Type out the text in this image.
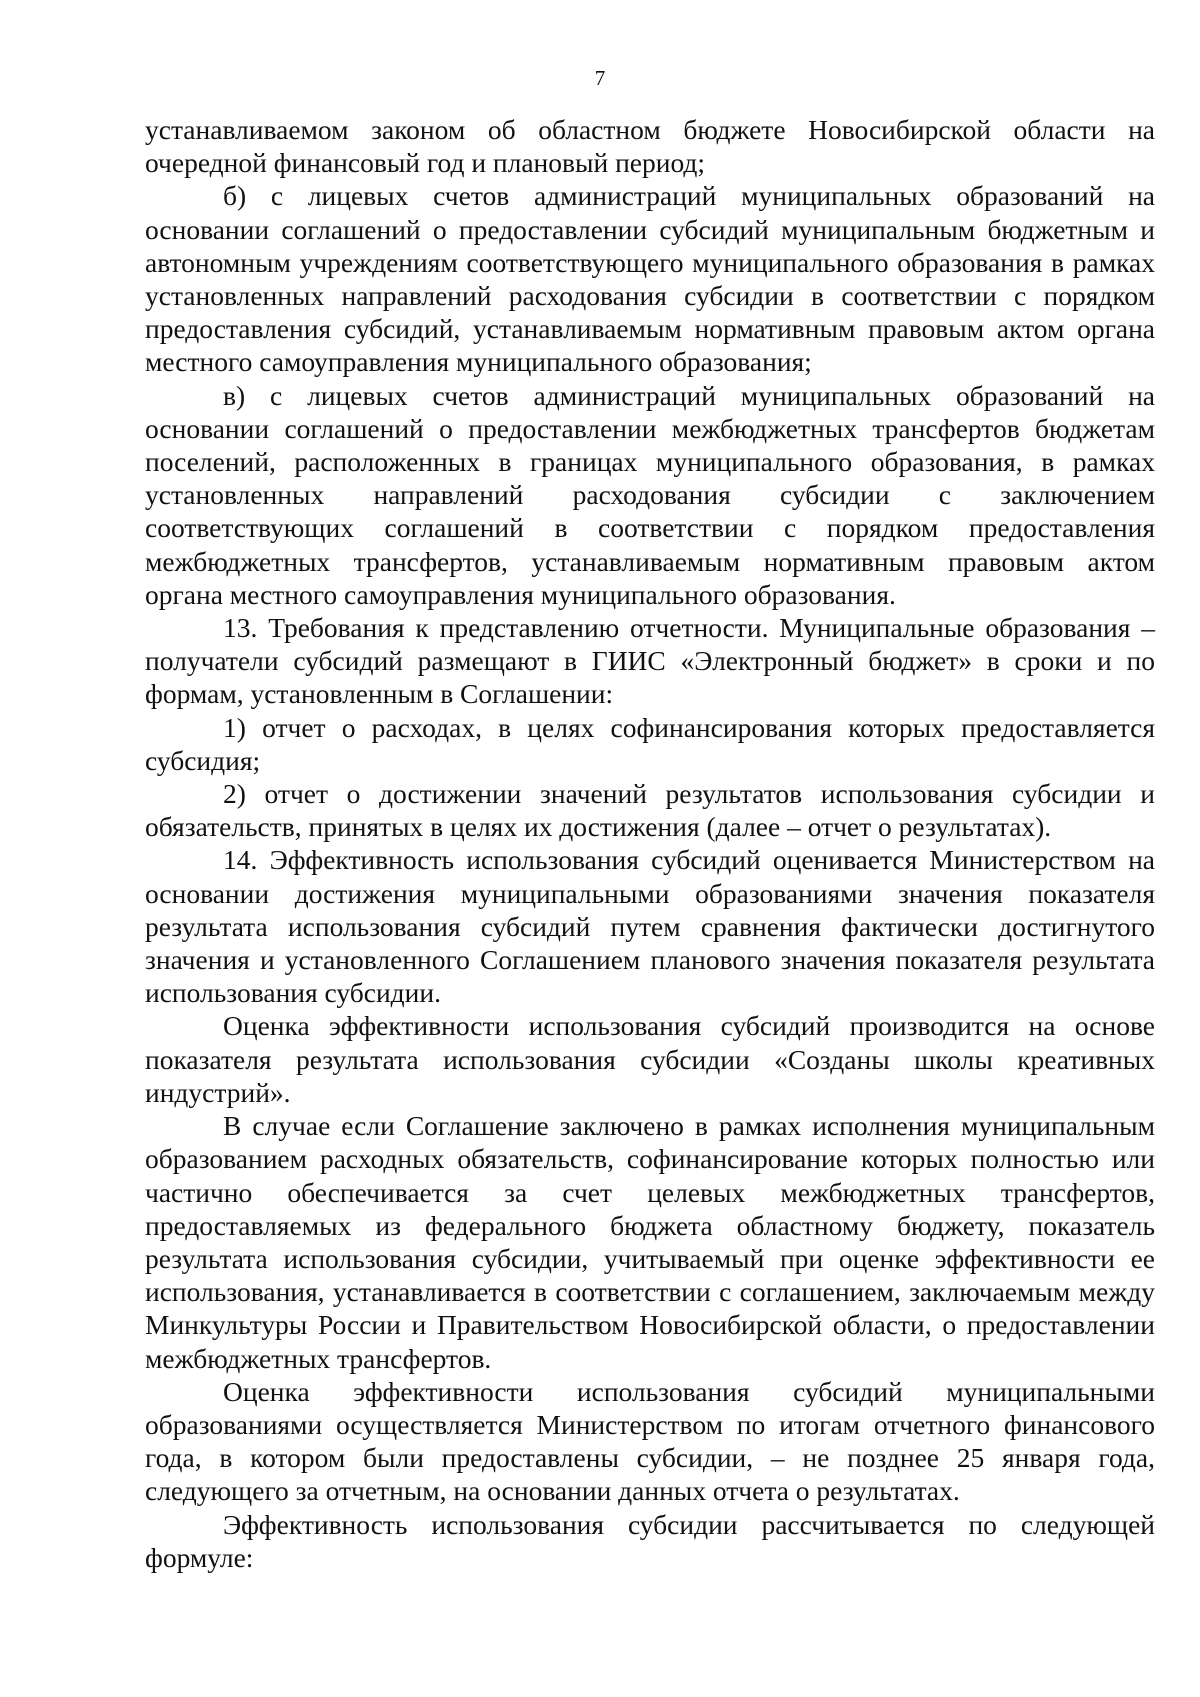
7

устанавливаемом законом об областном бюджете Новосибирской области на очередной финансовый год и плановый период;

б) с лицевых счетов администраций муниципальных образований на основании соглашений о предоставлении субсидий муниципальным бюджетным и автономным учреждениям соответствующего муниципального образования в рамках установленных направлений расходования субсидии в соответствии с порядком предоставления субсидий, устанавливаемым нормативным правовым актом органа местного самоуправления муниципального образования;

в) с лицевых счетов администраций муниципальных образований на основании соглашений о предоставлении межбюджетных трансфертов бюджетам поселений, расположенных в границах муниципального образования, в рамках установленных направлений расходования субсидии с заключением соответствующих соглашений в соответствии с порядком предоставления межбюджетных трансфертов, устанавливаемым нормативным правовым актом органа местного самоуправления муниципального образования.

13. Требования к представлению отчетности. Муниципальные образования – получатели субсидий размещают в ГИИС «Электронный бюджет» в сроки и по формам, установленным в Соглашении:

1) отчет о расходах, в целях софинансирования которых предоставляется субсидия;

2) отчет о достижении значений результатов использования субсидии и обязательств, принятых в целях их достижения (далее – отчет о результатах).

14. Эффективность использования субсидий оценивается Министерством на основании достижения муниципальными образованиями значения показателя результата использования субсидий путем сравнения фактически достигнутого значения и установленного Соглашением планового значения показателя результата использования субсидии.

Оценка эффективности использования субсидий производится на основе показателя результата использования субсидии «Созданы школы креативных индустрий».

В случае если Соглашение заключено в рамках исполнения муниципальным образованием расходных обязательств, софинансирование которых полностью или частично обеспечивается за счет целевых межбюджетных трансфертов, предоставляемых из федерального бюджета областному бюджету, показатель результата использования субсидии, учитываемый при оценке эффективности ее использования, устанавливается в соответствии с соглашением, заключаемым между Минкультуры России и Правительством Новосибирской области, о предоставлении межбюджетных трансфертов.

Оценка эффективности использования субсидий муниципальными образованиями осуществляется Министерством по итогам отчетного финансового года, в котором были предоставлены субсидии, – не позднее 25 января года, следующего за отчетным, на основании данных отчета о результатах.

Эффективность использования субсидии рассчитывается по следующей формуле:
